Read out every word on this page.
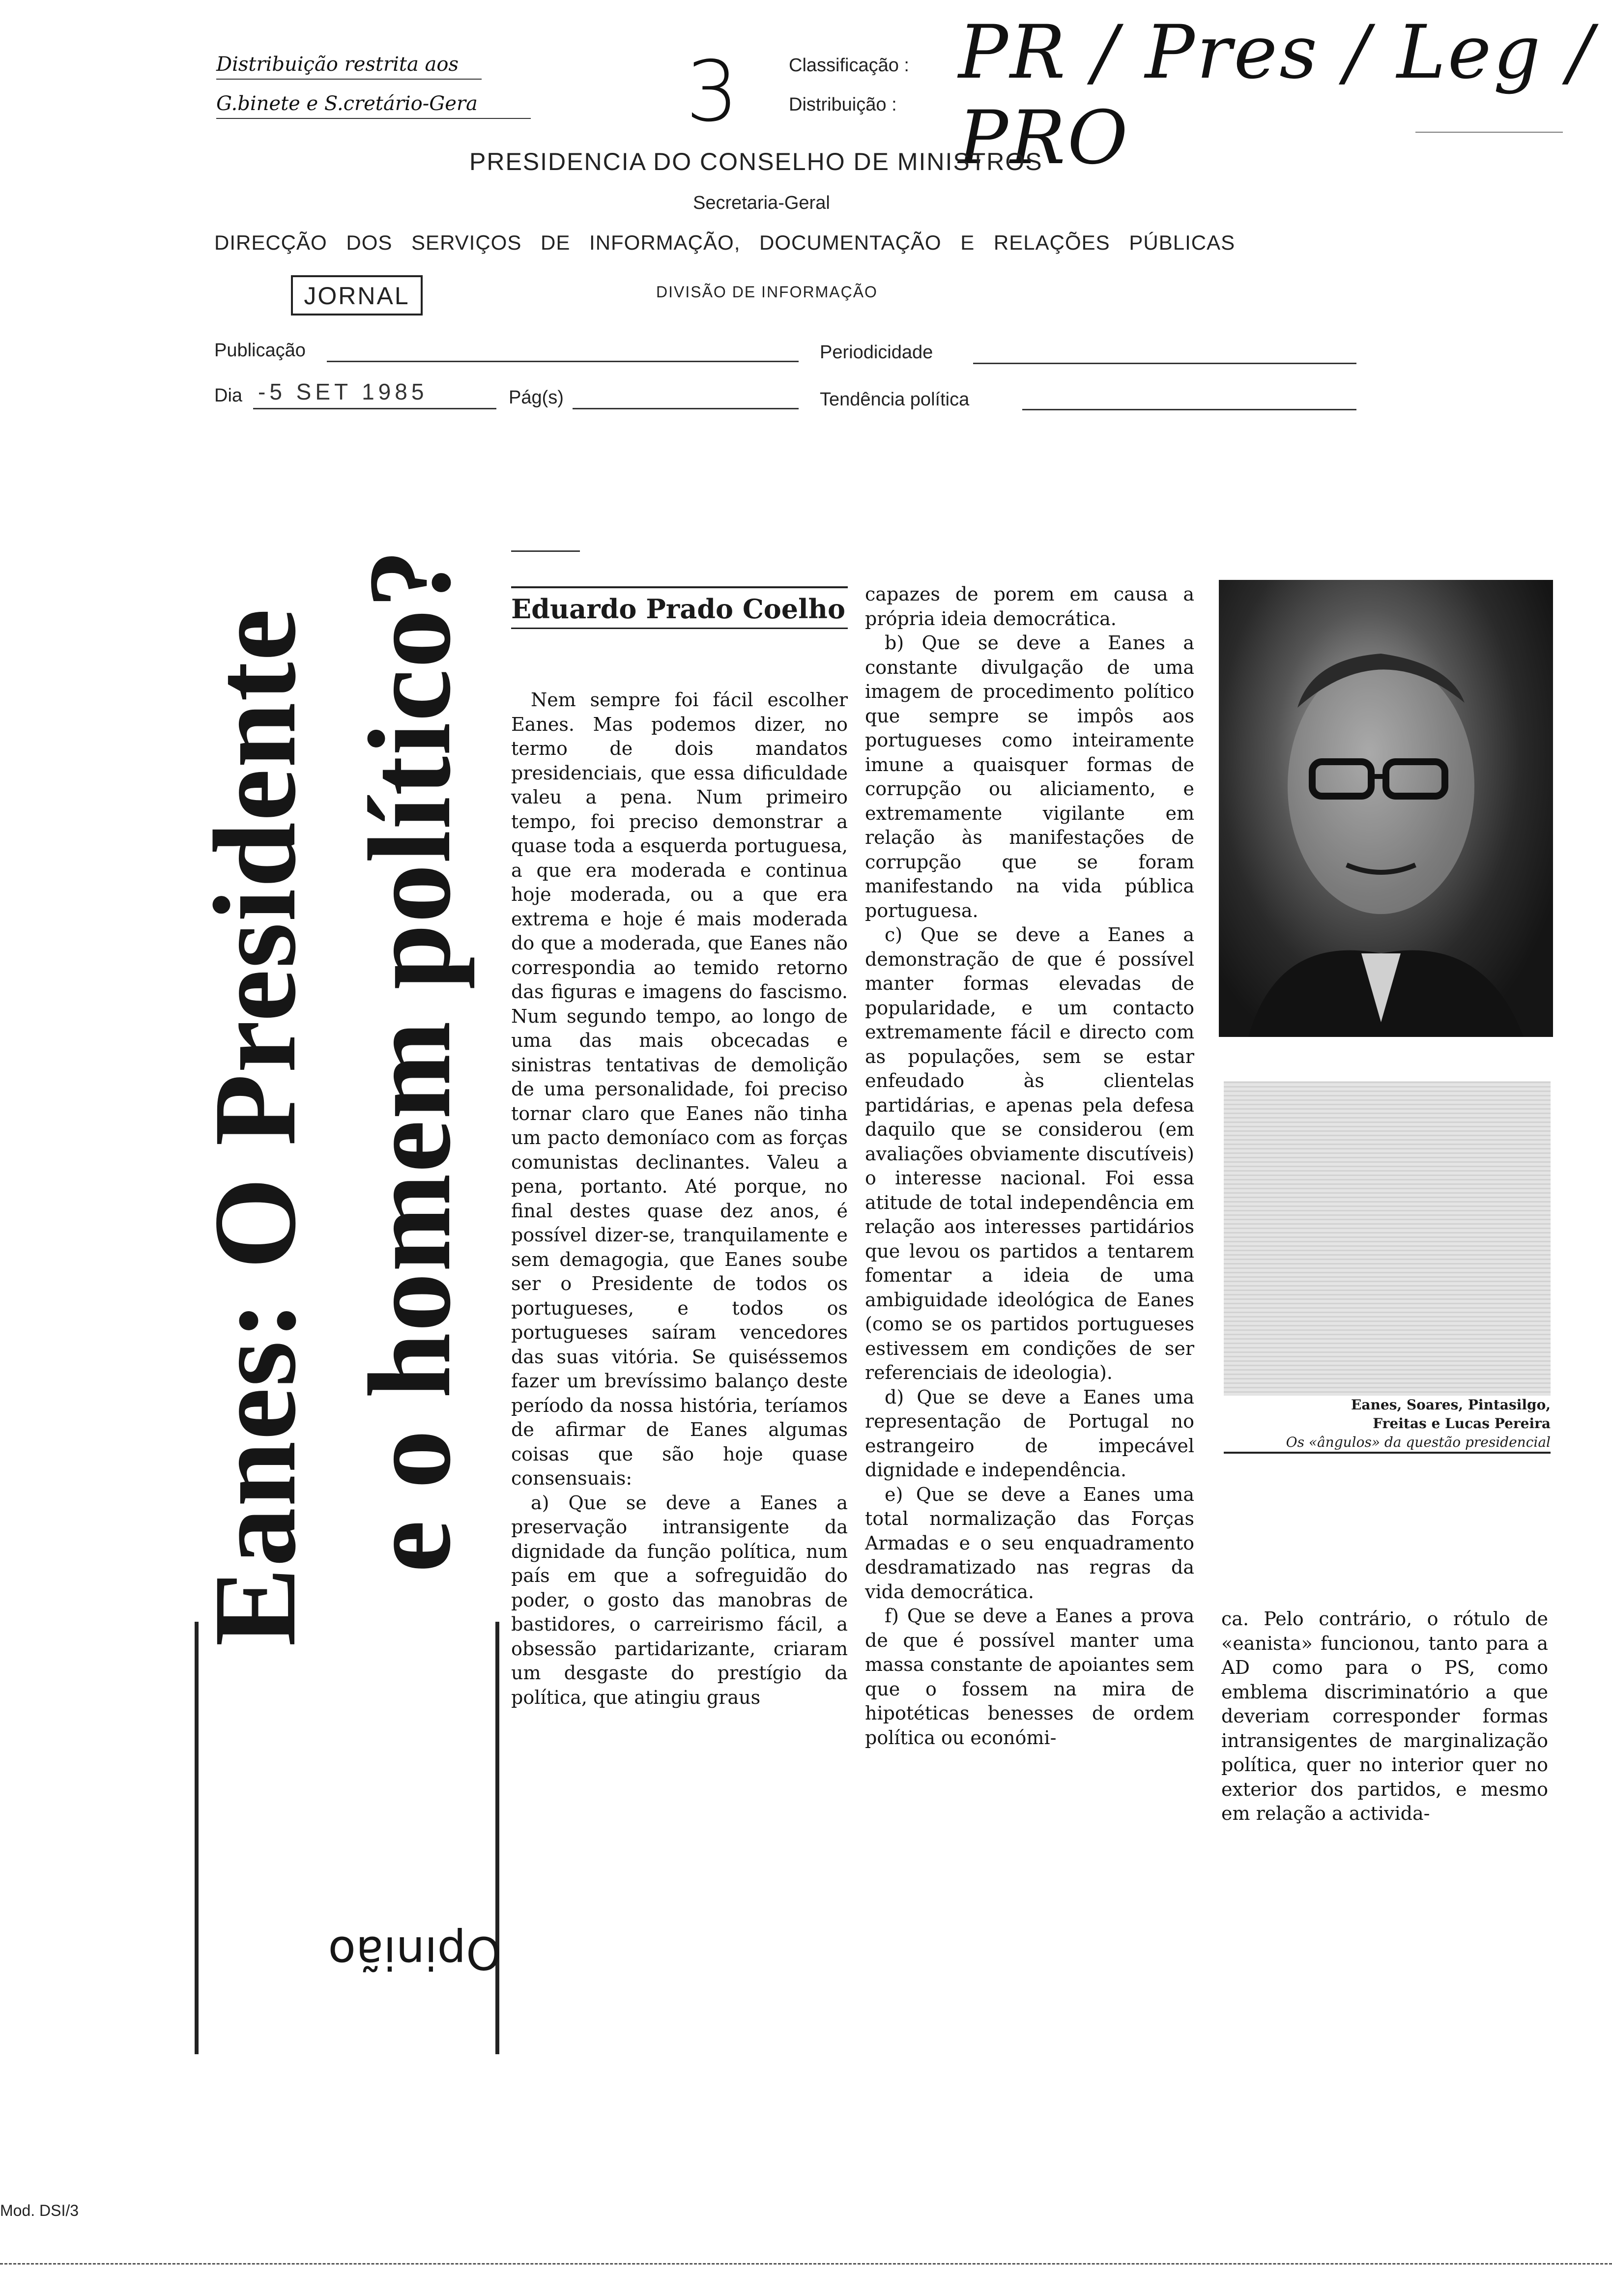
Distribuição restrita aos
G.binete e S.cretário-Gera 3	Classificação :
Distribuição :
PR / Pres / Leg / PRO
PRESIDENCIA DO CONSELHO DE MINISTROS
Secretaria-Geral
DIRECÇÃO DOS SERVIÇOS DE INFORMAÇÃO, DOCUMENTAÇÃO E RELAÇÕES PÚBLICAS
JORNAL	DIVISÃO DE INFORMAÇÃO
Publicação	Periodicidade
Dia -5 SET 1985	Pág(s)	Tendência política
Eanes: O Presidente e o homem político?
Opinião
Eduardo Prado Coelho

Nem sempre foi fácil escolher Eanes. Mas podemos dizer, no termo de dois mandatos presidenciais, que essa dificuldade valeu a pena. Num primeiro tempo, foi preciso demonstrar a quase toda a esquerda portuguesa, a que era moderada e continua hoje moderada, ou a que era extrema e hoje é mais moderada do que a moderada, que Eanes não correspondia ao temido retorno das figuras e imagens do fascismo. Num segundo tempo, ao longo de uma das mais obcecadas e sinistras tentativas de demolição de uma personalidade, foi preciso tornar claro que Eanes não tinha um pacto demoníaco com as forças comunistas declinantes. Valeu a pena, portanto. Até porque, no final destes quase dez anos, é possível dizer-se, tranquilamente e sem demagogia, que Eanes soube ser o Presidente de todos os portugueses, e todos os portugueses saíram vencedores das suas vitória. Se quiséssemos fazer um brevíssimo balanço deste período da nossa história, teríamos de afirmar de Eanes algumas coisas que são hoje quase consensuais:

a) Que se deve a Eanes a preservação intransigente da dignidade da função política, num país em que a sofreguidão do poder, o gosto das manobras de bastidores, o carreirismo fácil, a obsessão partidarizante, criaram um desgaste do prestígio da política, que atingiu graus

capazes de porem em causa a própria ideia democrática.

b) Que se deve a Eanes a constante divulgação de uma imagem de procedimento político que sempre se impôs aos portugueses como inteiramente imune a quaisquer formas de corrupção ou aliciamento, e extremamente vigilante em relação às manifestações de corrupção que se foram manifestando na vida pública portuguesa.

c) Que se deve a Eanes a demonstração de que é possível manter formas elevadas de popularidade, e um contacto extremamente fácil e directo com as populações, sem se estar enfeudado às clientelas partidárias, e apenas pela defesa daquilo que se considerou (em avaliações obviamente discutíveis) o interesse nacional. Foi essa atitude de total independência em relação aos interesses partidários que levou os partidos a tentarem fomentar a ideia de uma ambiguidade ideológica de Eanes (como se os partidos portugueses estivessem em condições de ser referenciais de ideologia).

d) Que se deve a Eanes uma representação de Portugal no estrangeiro de impecável dignidade e independência.

e) Que se deve a Eanes uma total normalização das Forças Armadas e o seu enquadramento desdramatizado nas regras da vida democrática.

f) Que se deve a Eanes a prova de que é possível manter uma massa constante de apoiantes sem que o fossem na mira de hipotéticas benesses de ordem política ou económi-

Eanes, Soares, Pintasilgo,
Freitas e Lucas Pereira
Os «ângulos» da questão presidencial

ca. Pelo contrário, o rótulo de «eanista» funcionou, tanto para a AD como para o PS, como emblema discriminatório a que deveriam corresponder formas intransigentes de marginalização política, quer no interior quer no exterior dos partidos, e mesmo em relação a activida-

Mod. DSI/3
